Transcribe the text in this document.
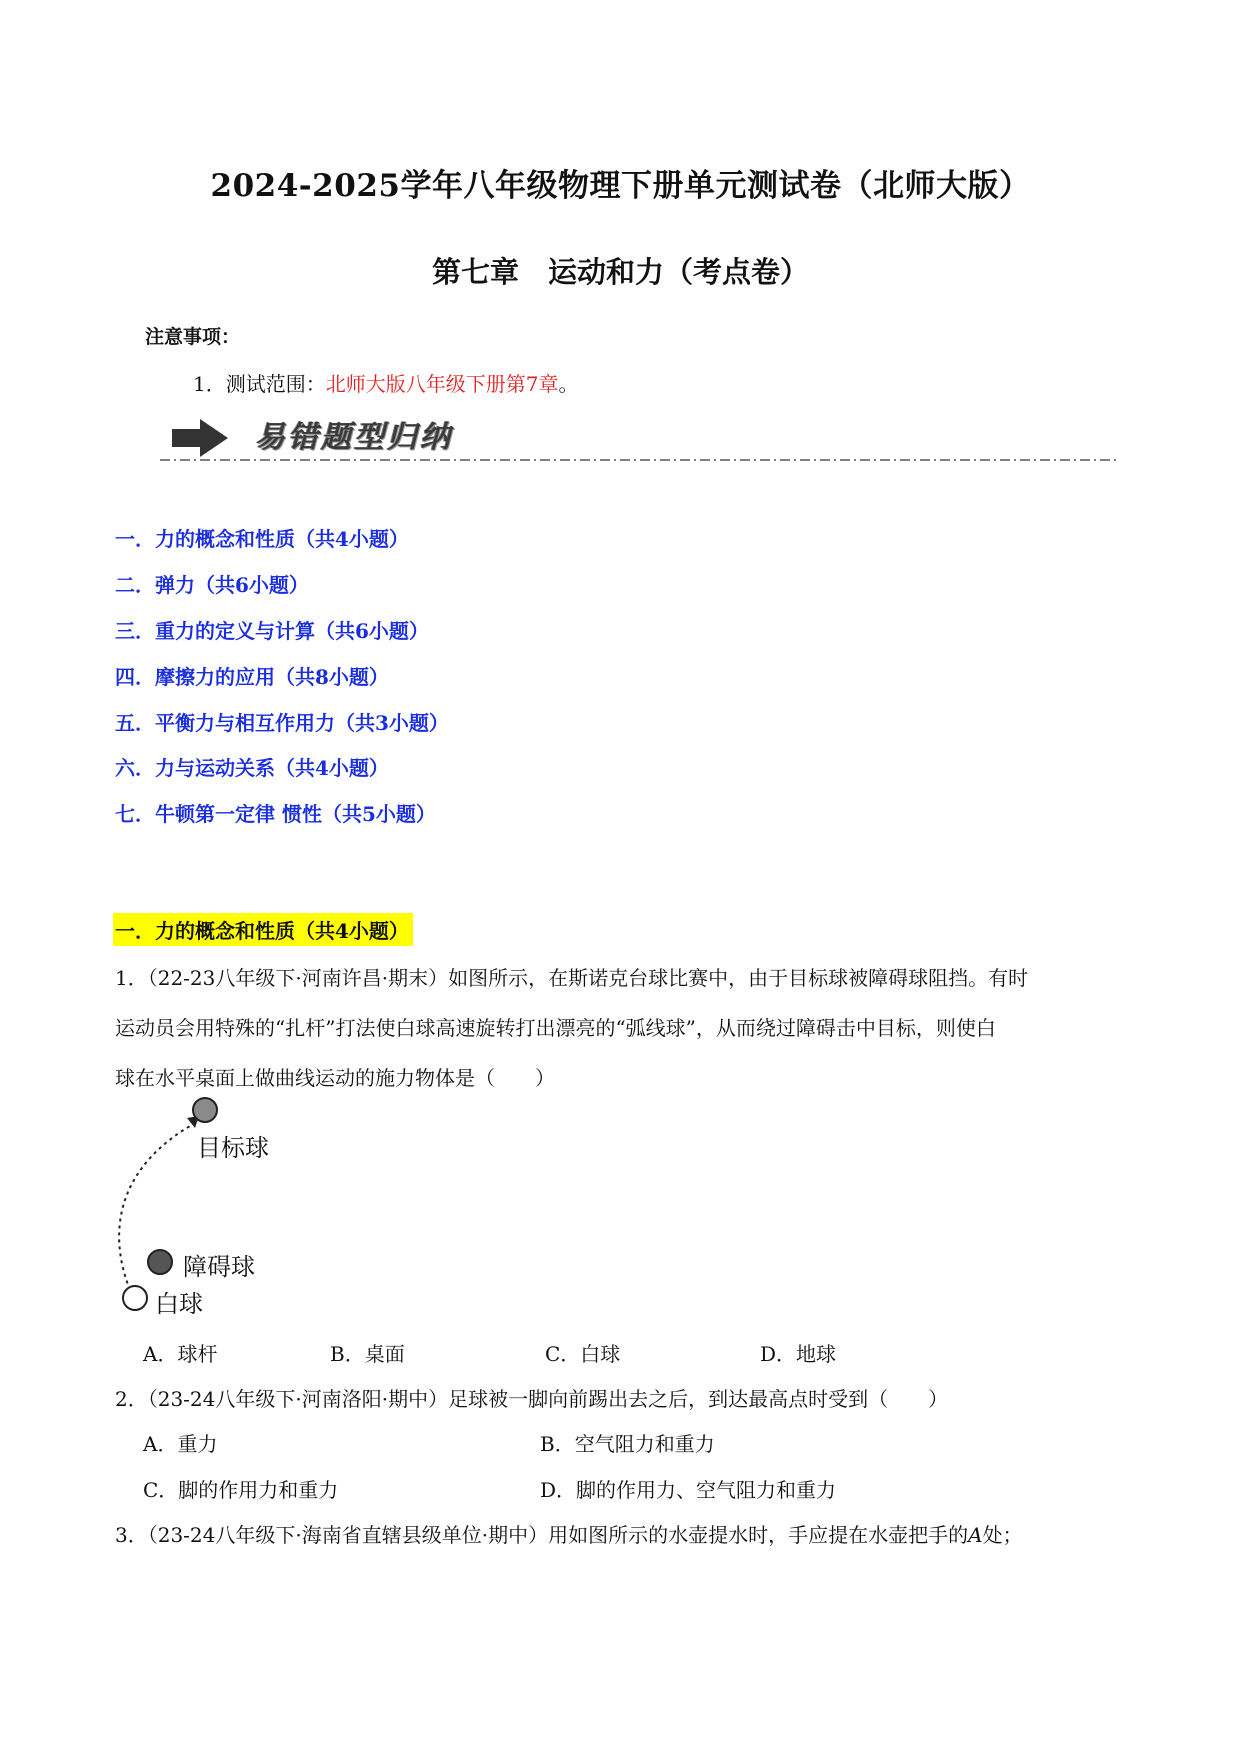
2024-2025学年八年级物理下册单元测试卷（北师大版）
第七章　运动和力（考点卷）
注意事项：
1．测试范围：北师大版八年级下册第7章。
易错题型归纳
一．力的概念和性质（共4小题）
二．弹力（共6小题）
三．重力的定义与计算（共6小题）
四．摩擦力的应用（共8小题）
五．平衡力与相互作用力（共3小题）
六．力与运动关系（共4小题）
七．牛顿第一定律 惯性（共5小题）
一．力的概念和性质（共4小题）
1．（22-23八年级下·河南许昌·期末）如图所示，在斯诺克台球比赛中，由于目标球被障碍球阻挡。有时
运动员会用特殊的“扎杆”打法使白球高速旋转打出漂亮的“弧线球”，从而绕过障碍击中目标，则使白
球在水平桌面上做曲线运动的施力物体是（　　）
目标球
障碍球
白球
A．球杆	B．桌面	C．白球	D．地球
2．（23-24八年级下·河南洛阳·期中）足球被一脚向前踢出去之后，到达最高点时受到（　　）
A．重力	B．空气阻力和重力
C．脚的作用力和重力	D．脚的作用力、空气阻力和重力
3．（23-24八年级下·海南省直辖县级单位·期中）用如图所示的水壶提水时，手应提在水壶把手的A处；
